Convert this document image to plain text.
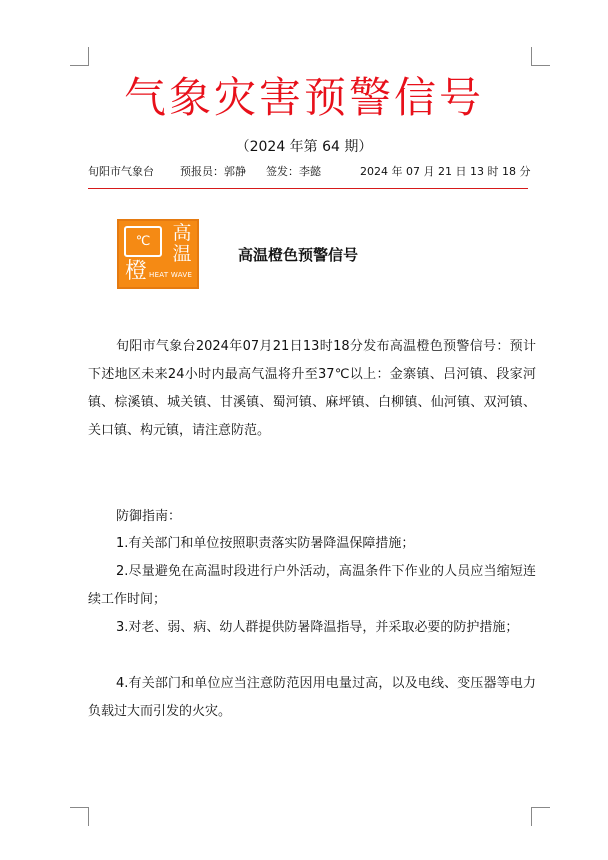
气象灾害预警信号
（2024 年第 64 期）
旬阳市气象台 预报员：郭静 签发：李懿	2024 年 07 月 21 日 13 时 18 分
℃
橙
高温
HEAT WAVE
高温橙色预警信号
旬阳市气象台2024年07月21日13时18分发布高温橙色预警信号：预计下述地区未来24小时内最高气温将升至37℃以上：金寨镇、吕河镇、段家河镇、棕溪镇、城关镇、甘溪镇、蜀河镇、麻坪镇、白柳镇、仙河镇、双河镇、关口镇、构元镇，请注意防范。
防御指南：
1.有关部门和单位按照职责落实防暑降温保障措施；
2.尽量避免在高温时段进行户外活动，高温条件下作业的人员应当缩短连续工作时间；
3.对老、弱、病、幼人群提供防暑降温指导，并采取必要的防护措施；
4.有关部门和单位应当注意防范因用电量过高，以及电线、变压器等电力负载过大而引发的火灾。
